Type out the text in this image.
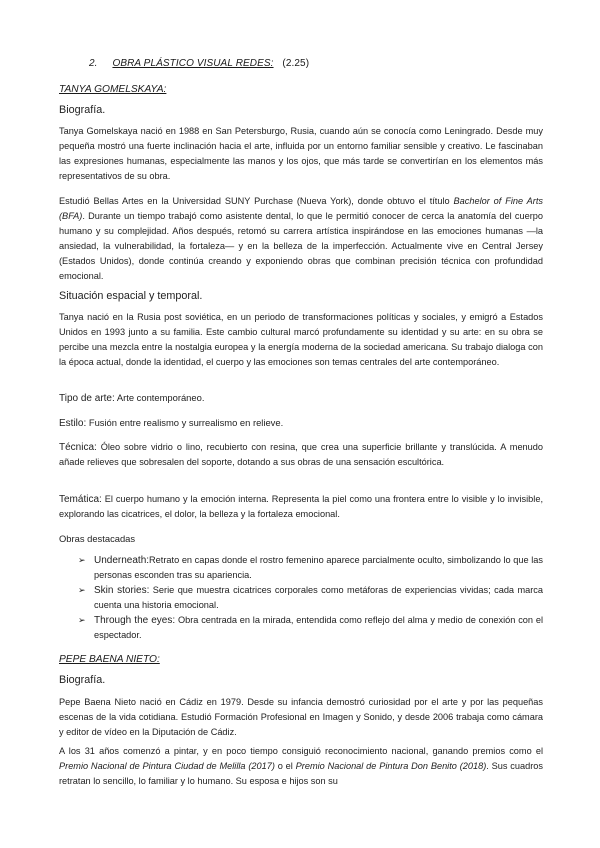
2. OBRA PLÁSTICO VISUAL REDES: (2.25)
TANYA GOMELSKAYA:
Biografía.

Tanya Gomelskaya nació en 1988 en San Petersburgo, Rusia, cuando aún se conocía como Leningrado. Desde muy pequeña mostró una fuerte inclinación hacia el arte, influida por un entorno familiar sensible y creativo. Le fascinaban las expresiones humanas, especialmente las manos y los ojos, que más tarde se convertirían en los elementos más representativos de su obra.

Estudió Bellas Artes en la Universidad SUNY Purchase (Nueva York), donde obtuvo el título Bachelor of Fine Arts (BFA). Durante un tiempo trabajó como asistente dental, lo que le permitió conocer de cerca la anatomía del cuerpo humano y su complejidad. Años después, retomó su carrera artística inspirándose en las emociones humanas —la ansiedad, la vulnerabilidad, la fortaleza— y en la belleza de la imperfección. Actualmente vive en Central Jersey (Estados Unidos), donde continúa creando y exponiendo obras que combinan precisión técnica con profundidad emocional.

Situación espacial y temporal.

Tanya nació en la Rusia post soviética, en un periodo de transformaciones políticas y sociales, y emigró a Estados Unidos en 1993 junto a su familia. Este cambio cultural marcó profundamente su identidad y su arte: en su obra se percibe una mezcla entre la nostalgia europea y la energía moderna de la sociedad americana. Su trabajo dialoga con la época actual, donde la identidad, el cuerpo y las emociones son temas centrales del arte contemporáneo.

Tipo de arte: Arte contemporáneo.
Estilo: Fusión entre realismo y surrealismo en relieve.

Técnica: Óleo sobre vidrio o lino, recubierto con resina, que crea una superficie brillante y translúcida. A menudo añade relieves que sobresalen del soporte, dotando a sus obras de una sensación escultórica.

Temática: El cuerpo humano y la emoción interna. Representa la piel como una frontera entre lo visible y lo invisible, explorando las cicatrices, el dolor, la belleza y la fortaleza emocional.

Obras destacadas
➢ Underneath:Retrato en capas donde el rostro femenino aparece parcialmente oculto, simbolizando lo que las personas esconden tras su apariencia.
➢ Skin stories: Serie que muestra cicatrices corporales como metáforas de experiencias vividas; cada marca cuenta una historia emocional.
➢ Through the eyes: Obra centrada en la mirada, entendida como reflejo del alma y medio de conexión con el espectador.
PEPE BAENA NIETO:
Biografía.

Pepe Baena Nieto nació en Cádiz en 1979. Desde su infancia demostró curiosidad por el arte y por las pequeñas escenas de la vida cotidiana. Estudió Formación Profesional en Imagen y Sonido, y desde 2006 trabaja como cámara y editor de vídeo en la Diputación de Cádiz.

A los 31 años comenzó a pintar, y en poco tiempo consiguió reconocimiento nacional, ganando premios como el Premio Nacional de Pintura Ciudad de Melilla (2017) o el Premio Nacional de Pintura Don Benito (2018). Sus cuadros retratan lo sencillo, lo familiar y lo humano. Su esposa e hijos son su
